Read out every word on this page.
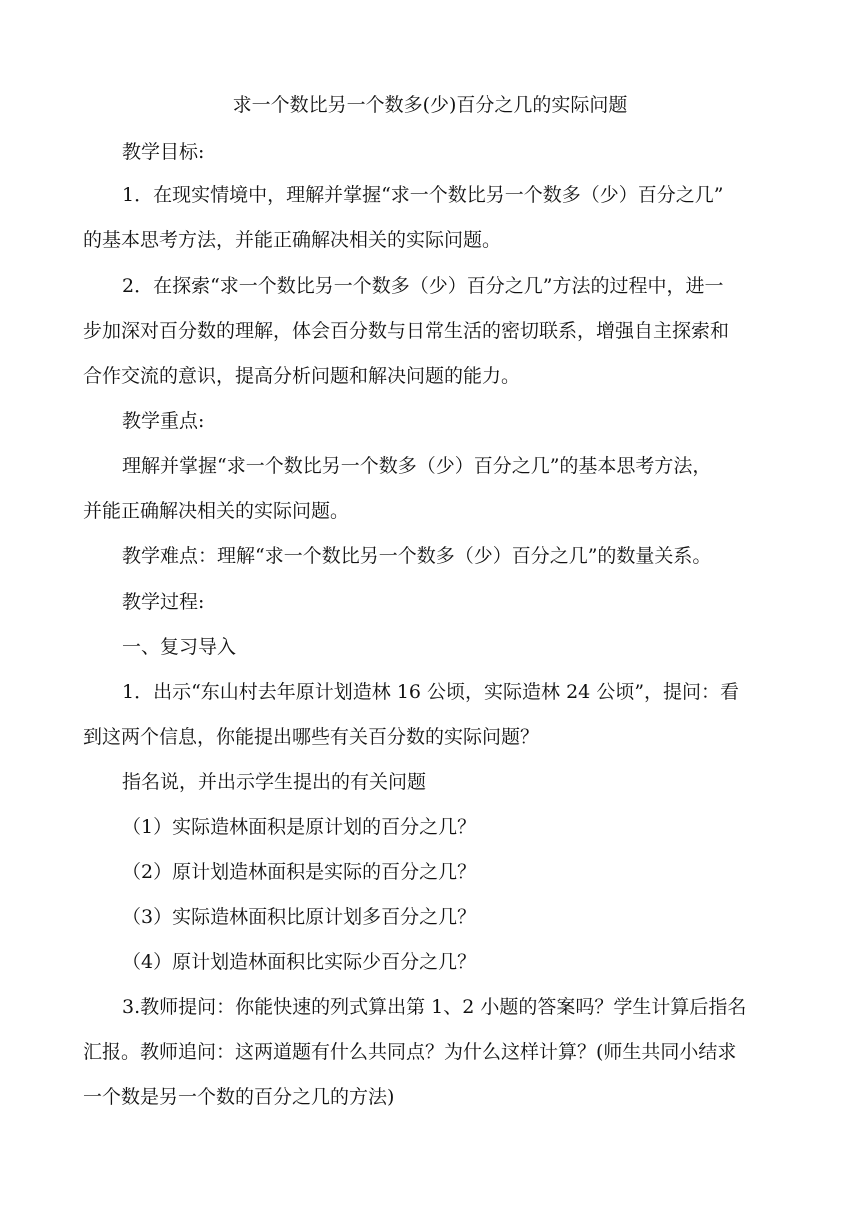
求一个数比另一个数多(少)百分之几的实际问题
教学目标:
1．在现实情境中，理解并掌握“求一个数比另一个数多（少）百分之几”
的基本思考方法，并能正确解决相关的实际问题。
2．在探索“求一个数比另一个数多（少）百分之几”方法的过程中，进一
步加深对百分数的理解，体会百分数与日常生活的密切联系，增强自主探索和
合作交流的意识，提高分析问题和解决问题的能力。
教学重点:
理解并掌握“求一个数比另一个数多（少）百分之几”的基本思考方法，
并能正确解决相关的实际问题。
教学难点：理解“求一个数比另一个数多（少）百分之几”的数量关系。
教学过程:
一、复习导入
1．出示“东山村去年原计划造林 16 公顷，实际造林 24 公顷”，提问：看
到这两个信息，你能提出哪些有关百分数的实际问题？
指名说，并出示学生提出的有关问题
（1）实际造林面积是原计划的百分之几？
（2）原计划造林面积是实际的百分之几？
（3）实际造林面积比原计划多百分之几？
（4）原计划造林面积比实际少百分之几？
3.教师提问：你能快速的列式算出第 1、2 小题的答案吗？学生计算后指名
汇报。教师追问：这两道题有什么共同点？为什么这样计算？(师生共同小结求
一个数是另一个数的百分之几的方法)
